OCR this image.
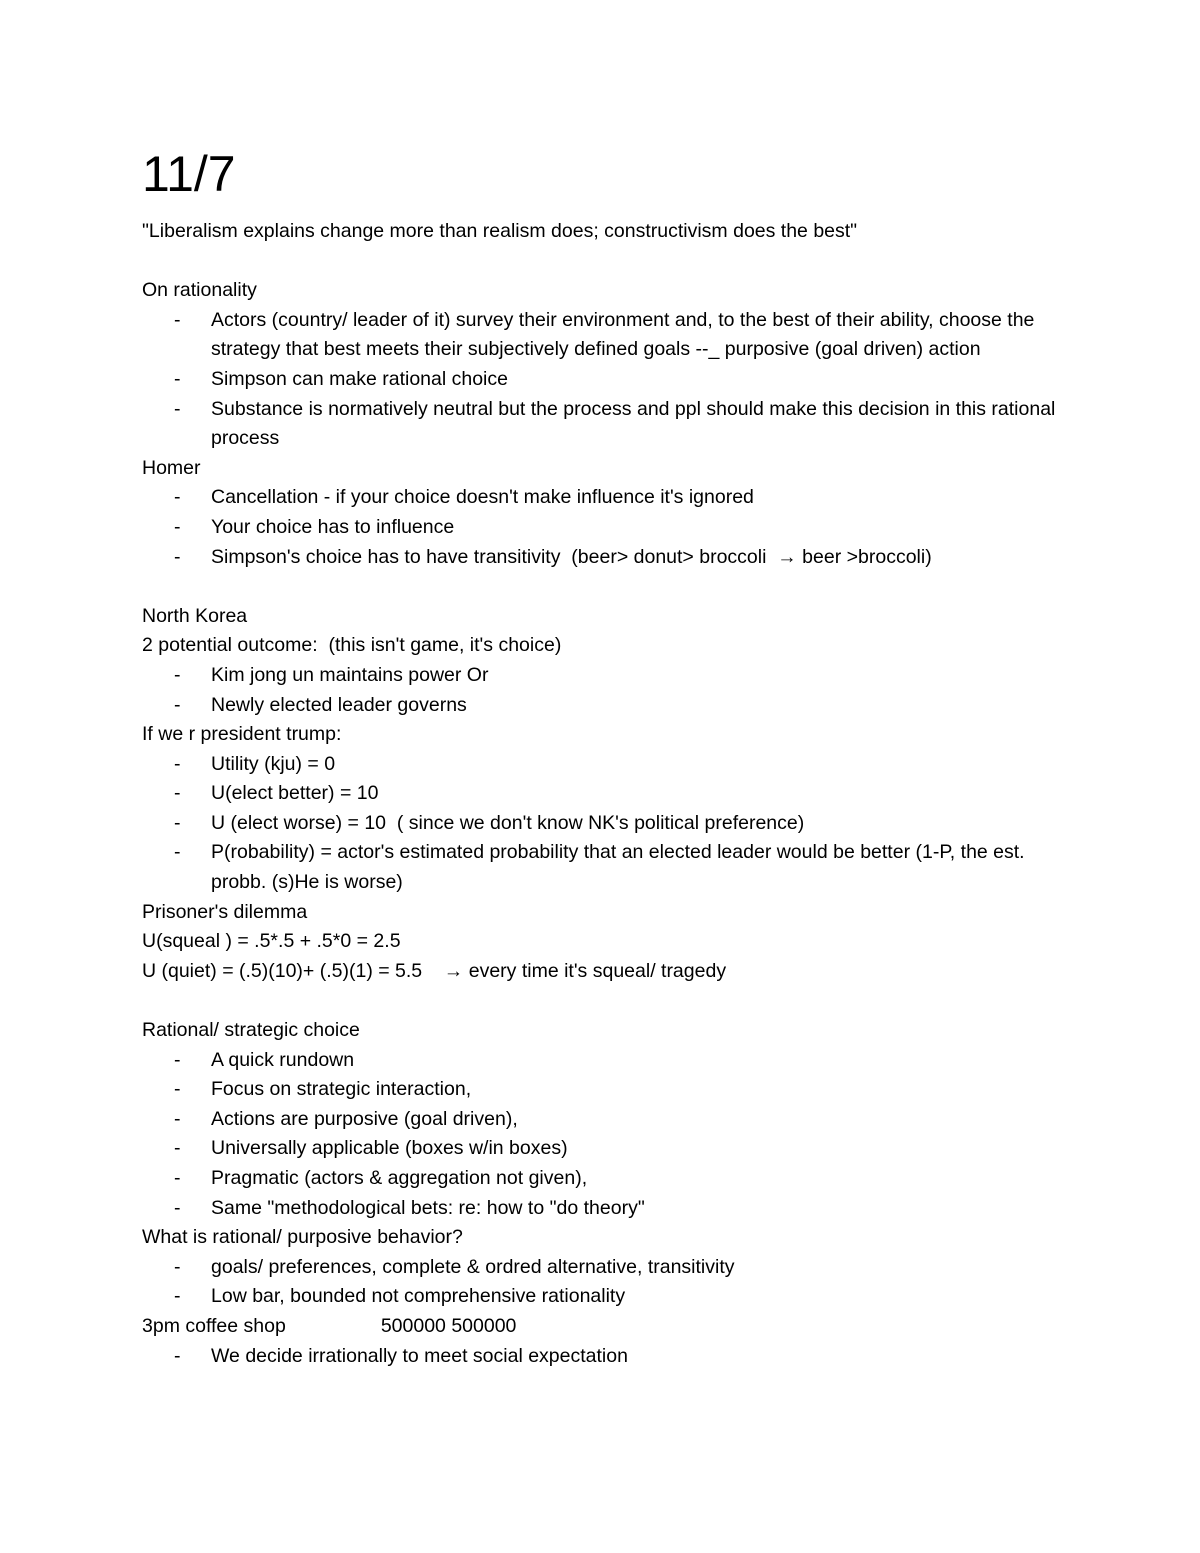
11/7

"Liberalism explains change more than realism does; constructivism does the best"

On rationality

- Actors (country/ leader of it) survey their environment and, to the best of their ability, choose the strategy that best meets their subjectively defined goals --_ purposive (goal driven) action
- Simpson can make rational choice
- Substance is normatively neutral but the process and ppl should make this decision in this rational process

Homer

- Cancellation - if your choice doesn't make influence it's ignored
- Your choice has to influence
- Simpson's choice has to have transitivity  (beer> donut> broccoli  → beer >broccoli)

North Korea

2 potential outcome:  (this isn't game, it's choice)

- Kim jong un maintains power Or
- Newly elected leader governs

If we r president trump:

- Utility (kju) = 0
- U(elect better) = 10
- U (elect worse) = 10  ( since we don't know NK's political preference)
- P(robability) = actor's estimated probability that an elected leader would be better (1-P, the est. probb. (s)He is worse)

Prisoner's dilemma

U(squeal ) = .5*.5 + .5*0 = 2.5

U (quiet) = (.5)(10)+ (.5)(1) = 5.5    → every time it's squeal/ tragedy

Rational/ strategic choice

- A quick rundown
- Focus on strategic interaction,
- Actions are purposive (goal driven),
- Universally applicable (boxes w/in boxes)
- Pragmatic (actors & aggregation not given),
- Same "methodological bets: re: how to "do theory"

What is rational/ purposive behavior?

- goals/ preferences, complete & ordred alternative, transitivity
- Low bar, bounded not comprehensive rationality

3pm coffee shop	500000 500000

- We decide irrationally to meet social expectation
